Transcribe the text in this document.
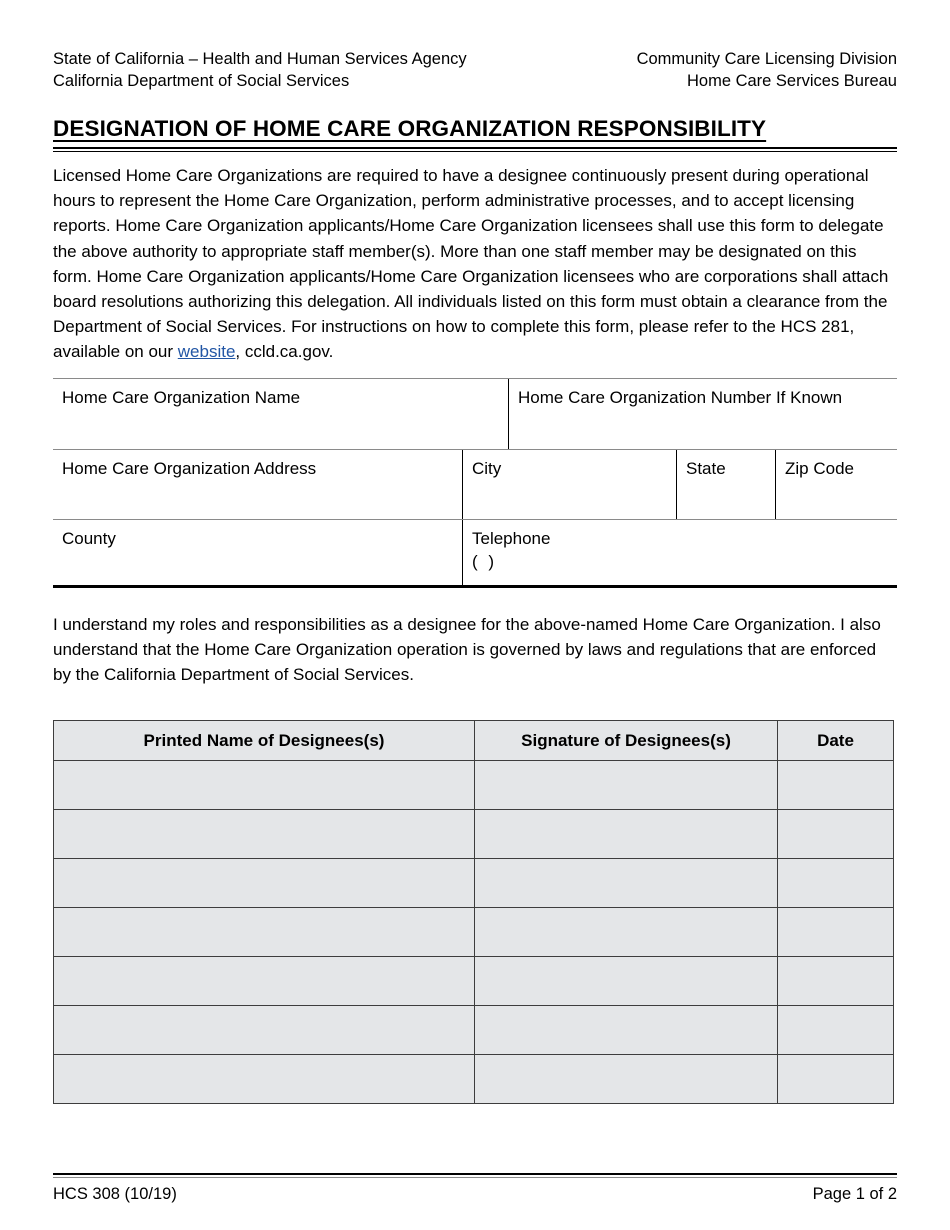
State of California – Health and Human Services Agency
California Department of Social Services
Community Care Licensing Division
Home Care Services Bureau
DESIGNATION OF HOME CARE ORGANIZATION RESPONSIBILITY
Licensed Home Care Organizations are required to have a designee continuously present during operational hours to represent the Home Care Organization, perform administrative processes, and to accept licensing reports. Home Care Organization applicants/Home Care Organization licensees shall use this form to delegate the above authority to appropriate staff member(s). More than one staff member may be designated on this form. Home Care Organization applicants/Home Care Organization licensees who are corporations shall attach board resolutions authorizing this delegation. All individuals listed on this form must obtain a clearance from the Department of Social Services. For instructions on how to complete this form, please refer to the HCS 281, available on our website, ccld.ca.gov.
Home Care Organization Name	Home Care Organization Number If Known
Home Care Organization Address	City	State	Zip Code
County	Telephone
( )
I understand my roles and responsibilities as a designee for the above-named Home Care Organization. I also understand that the Home Care Organization operation is governed by laws and regulations that are enforced by the California Department of Social Services.
Printed Name of Designees(s)	Signature of Designees(s)	Date

HCS 308 (10/19)	Page 1 of 2
